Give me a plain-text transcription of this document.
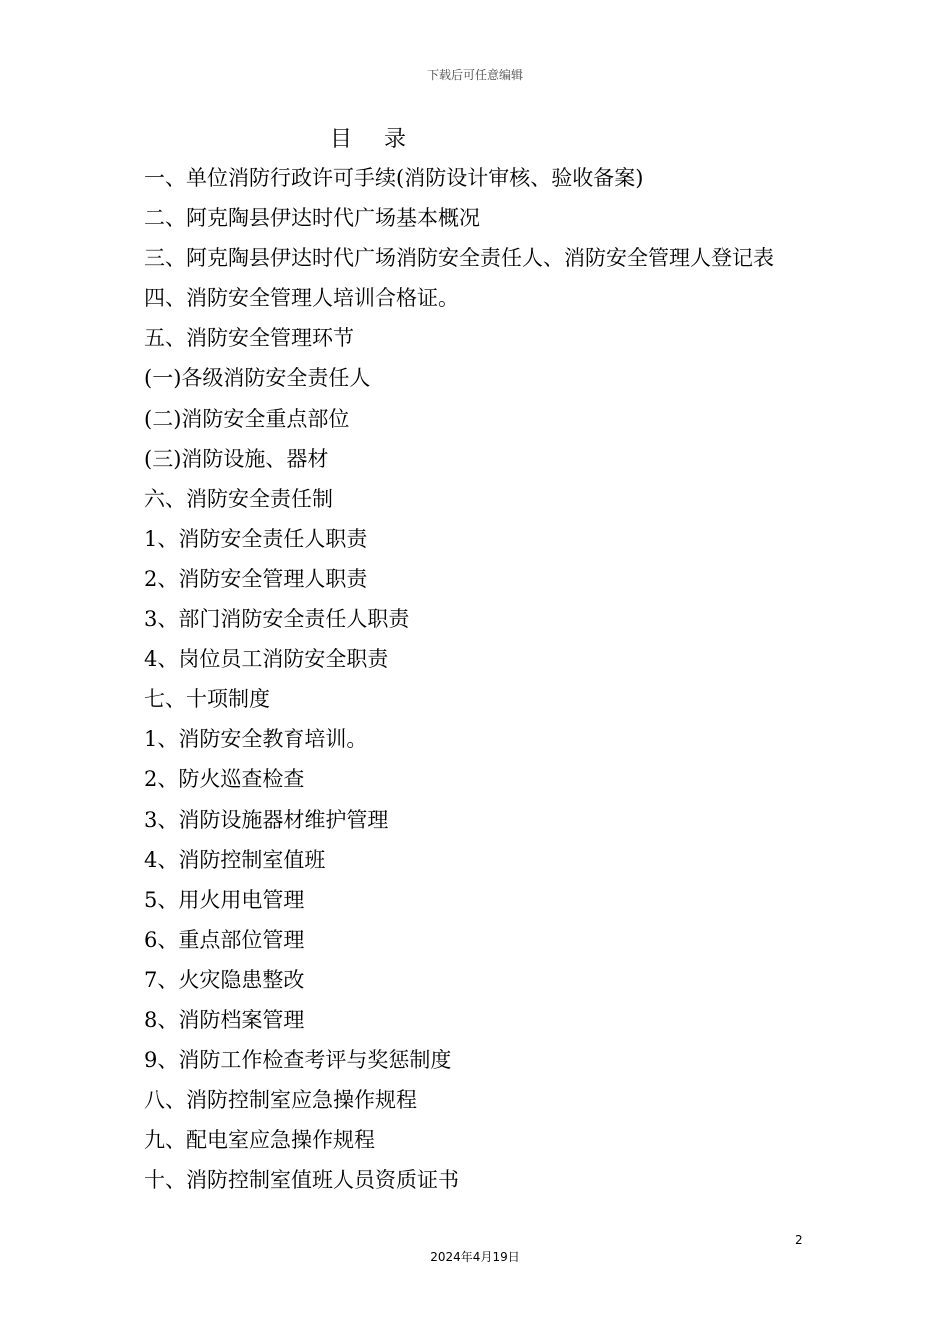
下载后可任意编辑
目 录
一、单位消防行政许可手续(消防设计审核、验收备案)
二、阿克陶县伊达时代广场基本概况
三、阿克陶县伊达时代广场消防安全责任人、消防安全管理人登记表
四、消防安全管理人培训合格证。
五、消防安全管理环节
(一)各级消防安全责任人
(二)消防安全重点部位
(三)消防设施、器材
六、消防安全责任制
1、消防安全责任人职责
2、消防安全管理人职责
3、部门消防安全责任人职责
4、岗位员工消防安全职责
七、十项制度
1、消防安全教育培训。
2、防火巡查检查
3、消防设施器材维护管理
4、消防控制室值班
5、用火用电管理
6、重点部位管理
7、火灾隐患整改
8、消防档案管理
9、消防工作检查考评与奖惩制度
八、消防控制室应急操作规程
九、配电室应急操作规程
十、消防控制室值班人员资质证书
2
2024年4月19日
